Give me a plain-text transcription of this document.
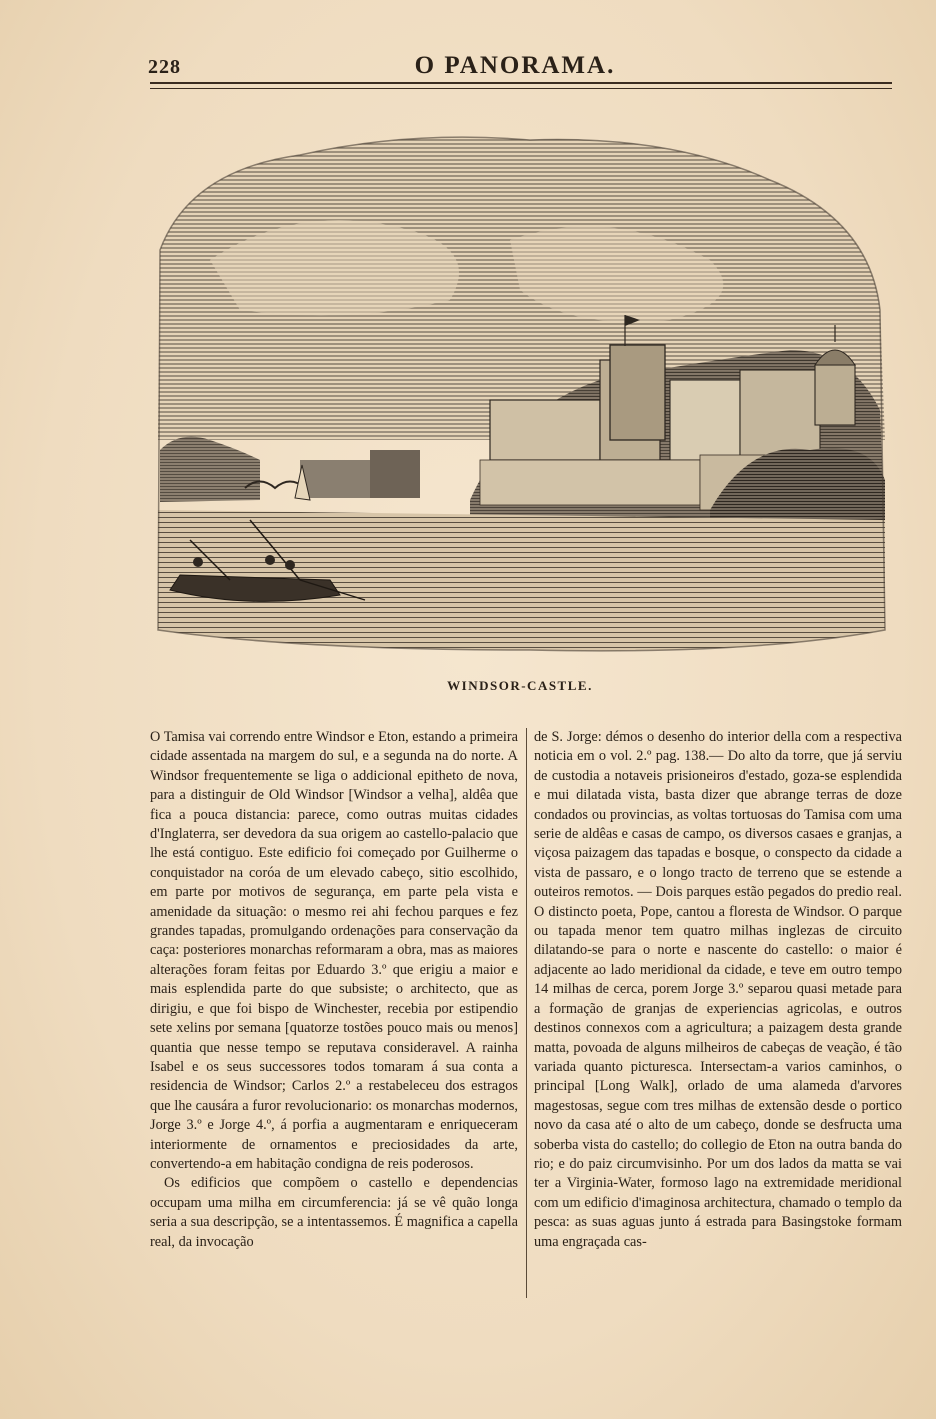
228	O PANORAMA.
WINDSOR-CASTLE.

O Tamisa vai correndo entre Windsor e Eton, estando a primeira cidade assentada na margem do sul, e a segunda na do norte. A Windsor frequentemente se liga o addicional epitheto de nova, para a distinguir de Old Windsor [Windsor a velha], aldêa que fica a pouca distancia: parece, como outras muitas cidades d'Inglaterra, ser devedora da sua origem ao castello-palacio que lhe está contiguo. Este edificio foi começado por Guilherme o conquistador na coróa de um elevado cabeço, sitio escolhido, em parte por motivos de segurança, em parte pela vista e amenidade da situação: o mesmo rei ahi fechou parques e fez grandes tapadas, promulgando ordenações para conservação da caça: posteriores monarchas reformaram a obra, mas as maiores alterações foram feitas por Eduardo 3.º que erigiu a maior e mais esplendida parte do que subsiste; o architecto, que as dirigiu, e que foi bispo de Winchester, recebia por estipendio sete xelins por semana [quatorze tostões pouco mais ou menos] quantia que nesse tempo se reputava consideravel. A rainha Isabel e os seus successores todos tomaram á sua conta a residencia de Windsor; Carlos 2.º a restabeleceu dos estragos que lhe causára a furor revolucionario: os monarchas modernos, Jorge 3.º e Jorge 4.º, á porfia a augmentaram e enriqueceram interiormente de ornamentos e preciosidades da arte, convertendo-a em habitação condigna de reis poderosos.

Os edificios que compõem o castello e dependencias occupam uma milha em circumferencia: já se vê quão longa seria a sua descripção, se a intentassemos. É magnifica a capella real, da invocação

de S. Jorge: démos o desenho do interior della com a respectiva noticia em o vol. 2.º pag. 138.— Do alto da torre, que já serviu de custodia a notaveis prisioneiros d'estado, goza-se esplendida e mui dilatada vista, basta dizer que abrange terras de doze condados ou provincias, as voltas tortuosas do Tamisa com uma serie de aldêas e casas de campo, os diversos casaes e granjas, a viçosa paizagem das tapadas e bosque, o conspecto da cidade a vista de passaro, e o longo tracto de terreno que se estende a outeiros remotos. — Dois parques estão pegados do predio real. O distincto poeta, Pope, cantou a floresta de Windsor. O parque ou tapada menor tem quatro milhas inglezas de circuito dilatando-se para o norte e nascente do castello: o maior é adjacente ao lado meridional da cidade, e teve em outro tempo 14 milhas de cerca, porem Jorge 3.º separou quasi metade para a formação de granjas de experiencias agricolas, e outros destinos connexos com a agricultura; a paizagem desta grande matta, povoada de alguns milheiros de cabeças de veação, é tão variada quanto picturesca. Intersectam-a varios caminhos, o principal [Long Walk], orlado de uma alameda d'arvores magestosas, segue com tres milhas de extensão desde o portico novo da casa até o alto de um cabeço, donde se desfructa uma soberba vista do castello; do collegio de Eton na outra banda do rio; e do paiz circumvisinho. Por um dos lados da matta se vai ter a Virginia-Water, formoso lago na extremidade meridional com um edificio d'imaginosa architectura, chamado o templo da pesca: as suas aguas junto á estrada para Basingstoke formam uma engraçada cas-
